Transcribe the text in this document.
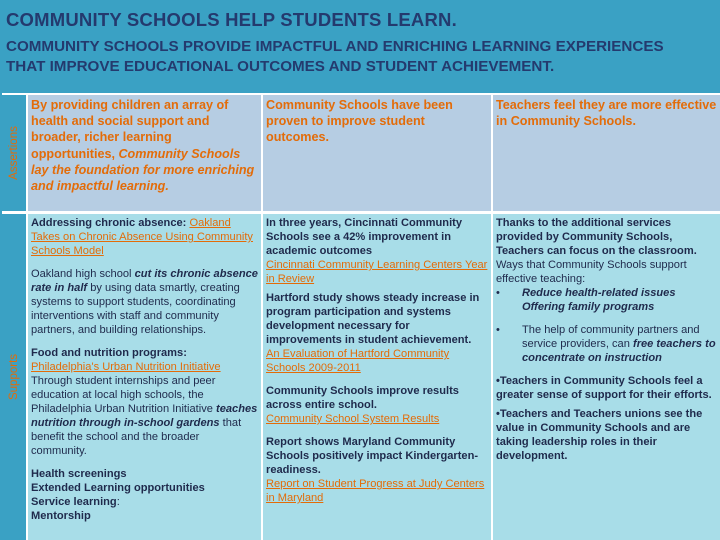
COMMUNITY SCHOOLS HELP STUDENTS LEARN.
COMMUNITY SCHOOLS PROVIDE IMPACTFUL AND ENRICHING LEARNING EXPERIENCES THAT IMPROVE EDUCATIONAL OUTCOMES AND STUDENT ACHIEVEMENT.
Assertions
Supports
By providing children an array of health and social support and broader, richer learning opportunities, Community Schools lay the foundation for more enriching and impactful learning.
Community Schools have been proven to improve student outcomes.
Teachers feel they are more effective in Community Schools.

Addressing chronic absence: Oakland Takes on Chronic Absence Using Community Schools Model

Oakland high school cut its chronic absence rate in half by using data smartly, creating systems to support students, coordinating interventions with staff and community partners, and building relationships.

Food and nutrition programs:

Philadelphia's Urban Nutrition Initiative

Through student internships and peer education at local high schools, the Philadelphia Urban Nutrition Initiative teaches nutrition through in-school gardens that benefit the school and the broader community.

Health screenings

Extended Learning opportunities

Service learning:

Mentorship

In three years, Cincinnati Community Schools see a 42% improvement in academic outcomes

Cincinnati Community Learning Centers Year in Review

Hartford study shows steady increase in program participation and systems development necessary for improvements in student achievement.

An Evaluation of Hartford Community Schools 2009-2011

Community Schools improve results across entire school.

Community School System Results

Report shows Maryland Community Schools positively impact Kindergarten-readiness.

Report on Student Progress at Judy Centers in Maryland

Thanks to the additional services provided by Community Schools, Teachers can focus on the classroom.

Ways that Community Schools support effective teaching:

• Reduce health-related issues Offering family programs
• The help of community partners and service providers, can free teachers to concentrate on instruction

•Teachers in Community Schools feel a greater sense of support for their efforts.

•Teachers and Teachers unions see the value in Community Schools and are taking leadership roles in their development.
